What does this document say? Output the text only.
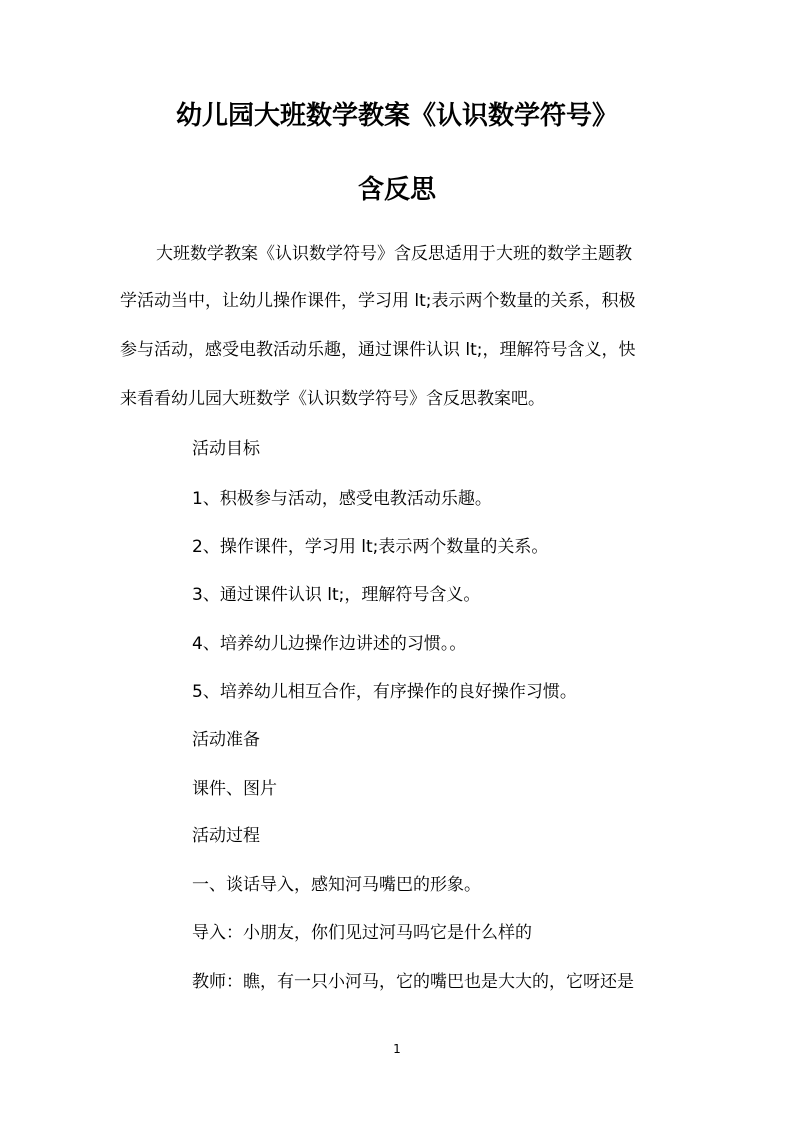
幼儿园大班数学教案《认识数学符号》
含反思

大班数学教案《认识数学符号》含反思适用于大班的数学主题教

学活动当中，让幼儿操作课件，学习用 lt;表示两个数量的关系，积极

参与活动，感受电教活动乐趣，通过课件认识 lt;，理解符号含义，快

来看看幼儿园大班数学《认识数学符号》含反思教案吧。

活动目标

1、积极参与活动，感受电教活动乐趣。

2、操作课件，学习用 lt;表示两个数量的关系。

3、通过课件认识 lt;，理解符号含义。

4、培养幼儿边操作边讲述的习惯。。

5、培养幼儿相互合作，有序操作的良好操作习惯。

活动准备

课件、图片

活动过程

一、谈话导入，感知河马嘴巴的形象。

导入：小朋友，你们见过河马吗它是什么样的

教师：瞧，有一只小河马，它的嘴巴也是大大的，它呀还是

1
